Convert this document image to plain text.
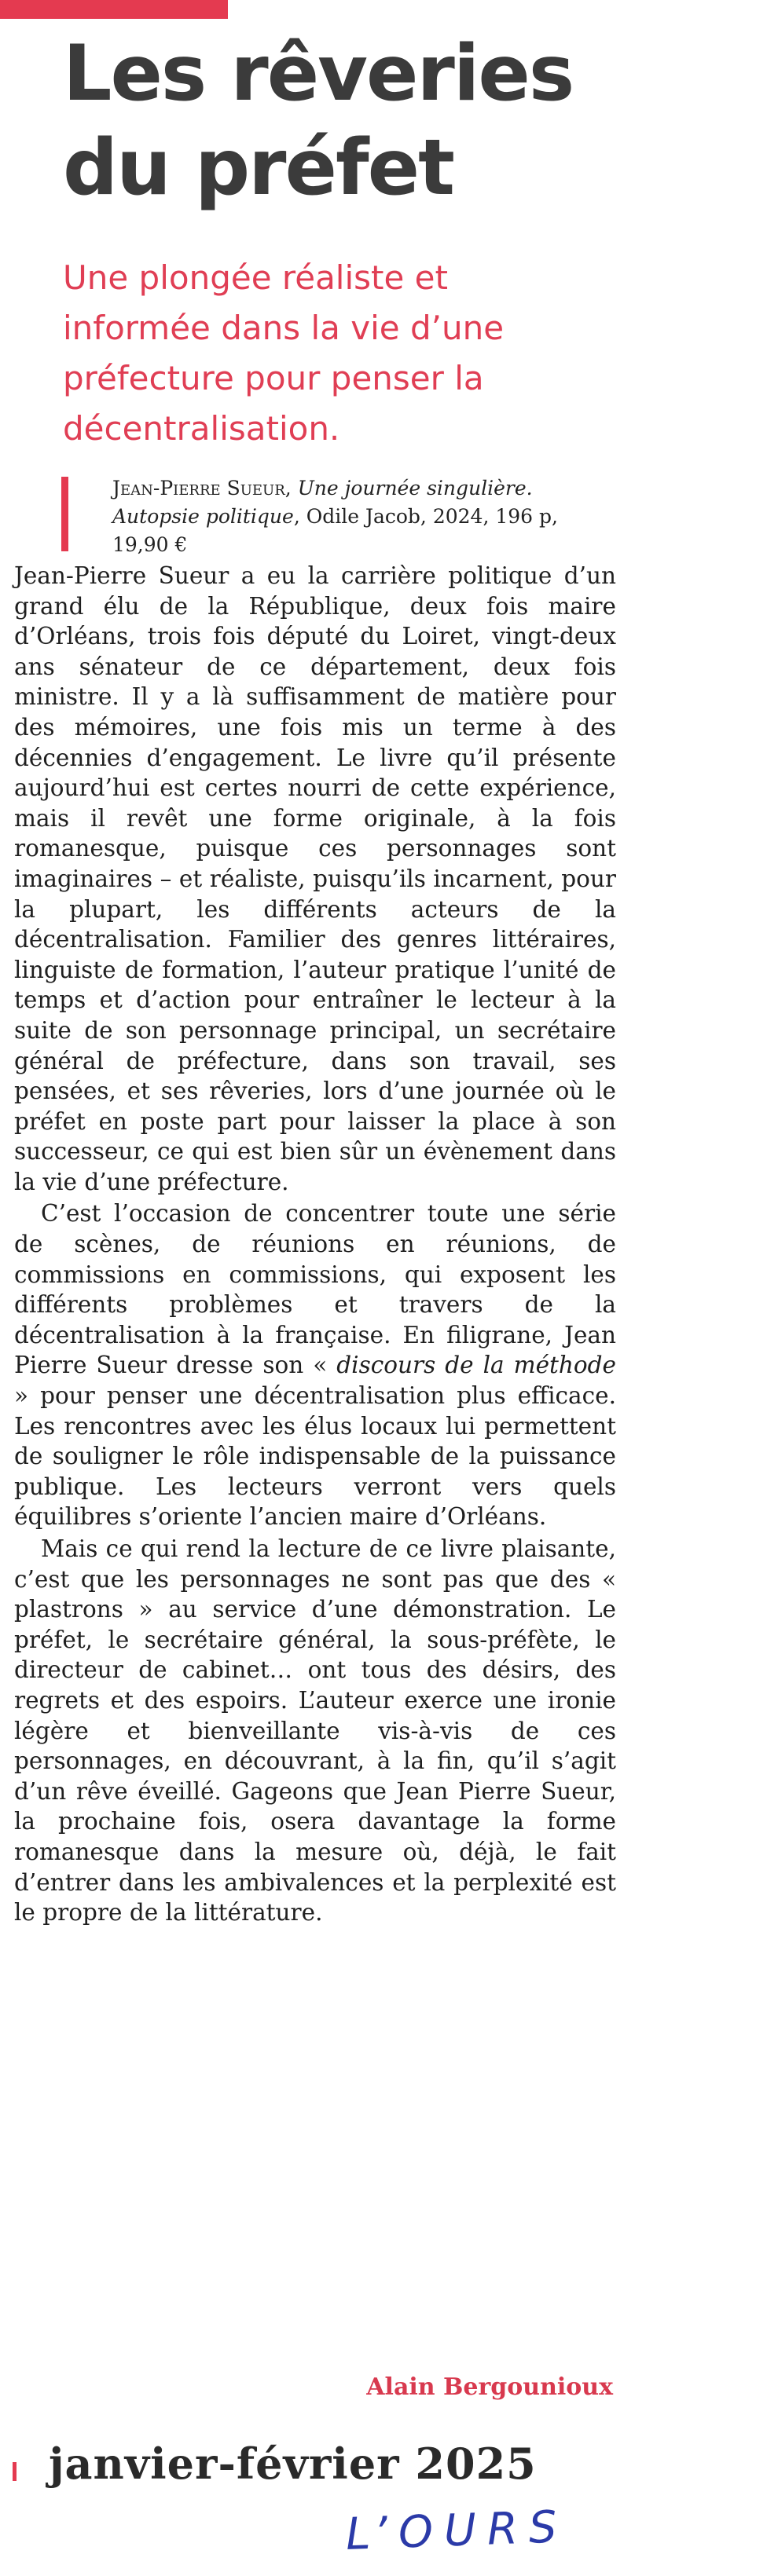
Les rêveries du préfet

Une plongée réaliste et informée dans la vie d’une préfecture pour penser la décentralisation.

Jean-Pierre Sueur, Une journée singulière. Autopsie politique, Odile Jacob, 2024, 196 p, 19,90 €

Jean-Pierre Sueur a eu la carrière politique d’un grand élu de la République, deux fois maire d’Orléans, trois fois député du Loiret, vingt-deux ans sénateur de ce département, deux fois ministre. Il y a là suffisamment de matière pour des mémoires, une fois mis un terme à des décennies d’engagement. Le livre qu’il présente aujourd’hui est certes nourri de cette expérience, mais il revêt une forme originale, à la fois romanesque, puisque ces personnages sont imaginaires – et réaliste, puisqu’ils incarnent, pour la plupart, les différents acteurs de la décentralisation. Familier des genres littéraires, linguiste de formation, l’auteur pratique l’unité de temps et d’action pour entraîner le lecteur à la suite de son personnage principal, un secrétaire général de préfecture, dans son travail, ses pensées, et ses rêveries, lors d’une journée où le préfet en poste part pour laisser la place à son successeur, ce qui est bien sûr un évènement dans la vie d’une préfecture.

C’est l’occasion de concentrer toute une série de scènes, de réunions en réunions, de commissions en commissions, qui exposent les différents problèmes et travers de la décentralisation à la française. En filigrane, Jean Pierre Sueur dresse son « discours de la méthode » pour penser une décentralisation plus efficace. Les rencontres avec les élus locaux lui permettent de souligner le rôle indispensable de la puissance publique. Les lecteurs verront vers quels équilibres s’oriente l’ancien maire d’Orléans.

Mais ce qui rend la lecture de ce livre plaisante, c’est que les personnages ne sont pas que des « plastrons » au service d’une démonstration. Le préfet, le secrétaire général, la sous-préfète, le directeur de cabinet… ont tous des désirs, des regrets et des espoirs. L’auteur exerce une ironie légère et bienveillante vis-à-vis de ces personnages, en découvrant, à la fin, qu’il s’agit d’un rêve éveillé. Gageons que Jean Pierre Sueur, la prochaine fois, osera davantage la forme romanesque dans la mesure où, déjà, le fait d’entrer dans les ambivalences et la perplexité est le propre de la littérature.

Alain Bergounioux
janvier-février 2025
L’OURS
